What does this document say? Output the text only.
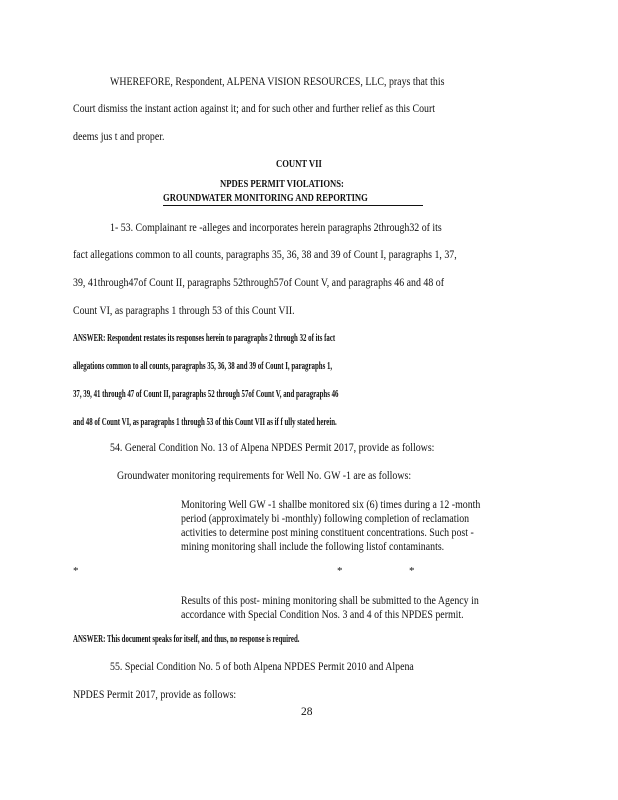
WHEREFORE, Respondent, ALPENA VISION RESOURCES, LLC, prays that this
Court dismiss the instant action against it; and for such other and further relief as this Court
deems jus t and proper.
COUNT VII
NPDES PERMIT VIOLATIONS:
GROUNDWATER MONITORING AND REPORTING
1- 53. Complainant re -alleges and incorporates herein paragraphs 2through32 of its
fact allegations common to all counts, paragraphs 35, 36, 38 and 39 of Count I, paragraphs 1, 37,
39, 41through47of Count II, paragraphs 52through57of Count V, and paragraphs 46 and 48 of
Count VI, as paragraphs 1 through 53 of this Count VII.
ANSWER: Respondent restates its responses herein to paragraphs 2 through 32 of its fact
allegations common to all counts, paragraphs 35, 36, 38 and 39 of Count I, paragraphs 1,
37, 39, 41 through 47 of Count II, paragraphs 52 through 57of Count V, and paragraphs 46
and 48 of Count VI, as paragraphs 1 through 53 of this Count VII as if f ully stated herein.
54. General Condition No. 13 of Alpena NPDES Permit 2017, provide as follows:
Groundwater monitoring requirements for Well No. GW -1 are as follows:
Monitoring Well GW -1 shallbe monitored six (6) times during a 12 -month
period (approximately bi -monthly) following completion of reclamation
activities to determine post mining constituent concentrations. Such post -
mining monitoring shall include the following listof contaminants.
*	*	*
Results of this post- mining monitoring shall be submitted to the Agency in
accordance with Special Condition Nos. 3 and 4 of this NPDES permit.
ANSWER: This document speaks for itself, and thus, no response is required.
55. Special Condition No. 5 of both Alpena NPDES Permit 2010 and Alpena
NPDES Permit 2017, provide as follows:
28
